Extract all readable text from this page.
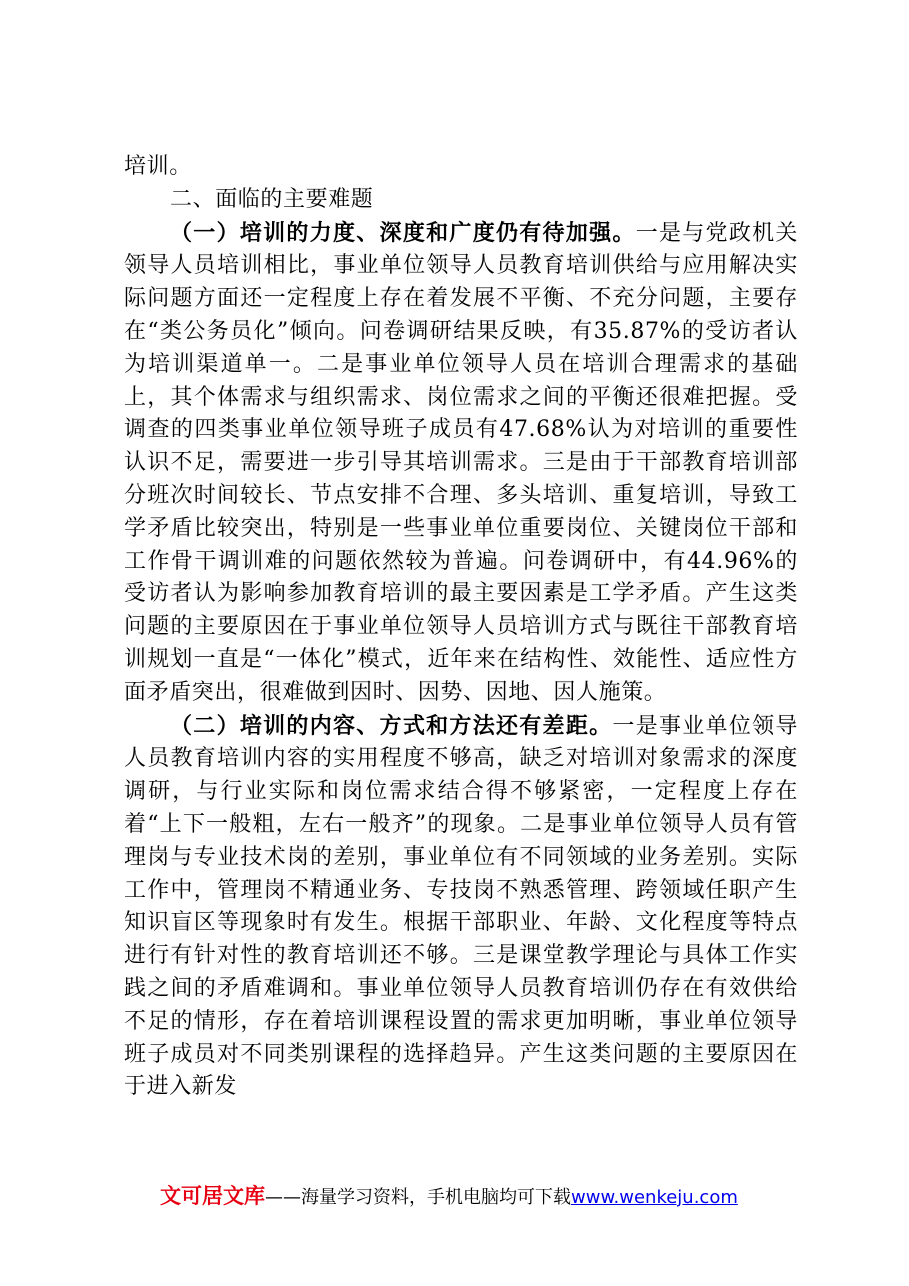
培训。

二、面临的主要难题

（一）培训的力度、深度和广度仍有待加强。一是与党政机关领导人员培训相比，事业单位领导人员教育培训供给与应用解决实际问题方面还一定程度上存在着发展不平衡、不充分问题，主要存在“类公务员化”倾向。问卷调研结果反映，有35.87%的受访者认为培训渠道单一。二是事业单位领导人员在培训合理需求的基础上，其个体需求与组织需求、岗位需求之间的平衡还很难把握。受调查的四类事业单位领导班子成员有47.68%认为对培训的重要性认识不足，需要进一步引导其培训需求。三是由于干部教育培训部分班次时间较长、节点安排不合理、多头培训、重复培训，导致工学矛盾比较突出，特别是一些事业单位重要岗位、关键岗位干部和工作骨干调训难的问题依然较为普遍。问卷调研中，有44.96%的受访者认为影响参加教育培训的最主要因素是工学矛盾。产生这类问题的主要原因在于事业单位领导人员培训方式与既往干部教育培训规划一直是“一体化”模式，近年来在结构性、效能性、适应性方面矛盾突出，很难做到因时、因势、因地、因人施策。

（二）培训的内容、方式和方法还有差距。一是事业单位领导人员教育培训内容的实用程度不够高，缺乏对培训对象需求的深度调研，与行业实际和岗位需求结合得不够紧密，一定程度上存在着“上下一般粗，左右一般齐”的现象。二是事业单位领导人员有管理岗与专业技术岗的差别，事业单位有不同领域的业务差别。实际工作中，管理岗不精通业务、专技岗不熟悉管理、跨领域任职产生知识盲区等现象时有发生。根据干部职业、年龄、文化程度等特点进行有针对性的教育培训还不够。三是课堂教学理论与具体工作实践之间的矛盾难调和。事业单位领导人员教育培训仍存在有效供给不足的情形，存在着培训课程设置的需求更加明晰，事业单位领导班子成员对不同类别课程的选择趋异。产生这类问题的主要原因在于进入新发

文可居文库——海量学习资料，手机电脑均可下载www.wenkeju.com
